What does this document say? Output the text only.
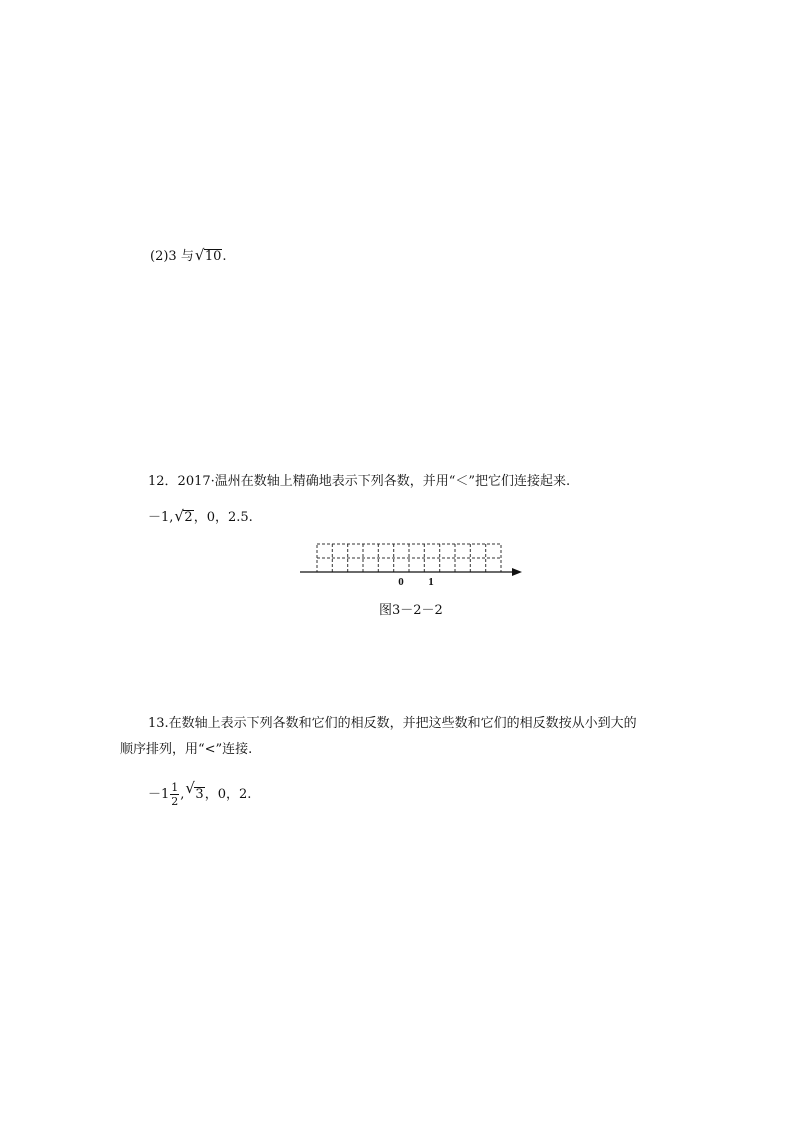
(2)3 与 √ 10.
12．2017·温州在数轴上精确地表示下列各数，并用“＜”把它们连接起来.
－1, √ 2，0，2.5.
0 1
图3－2－2
13.在数轴上表示下列各数和它们的相反数，并把这些数和它们的相反数按从小到大的
顺序排列，用“<”连接.
$-1 \frac{1}{2}$ , √ 3，0，2.
